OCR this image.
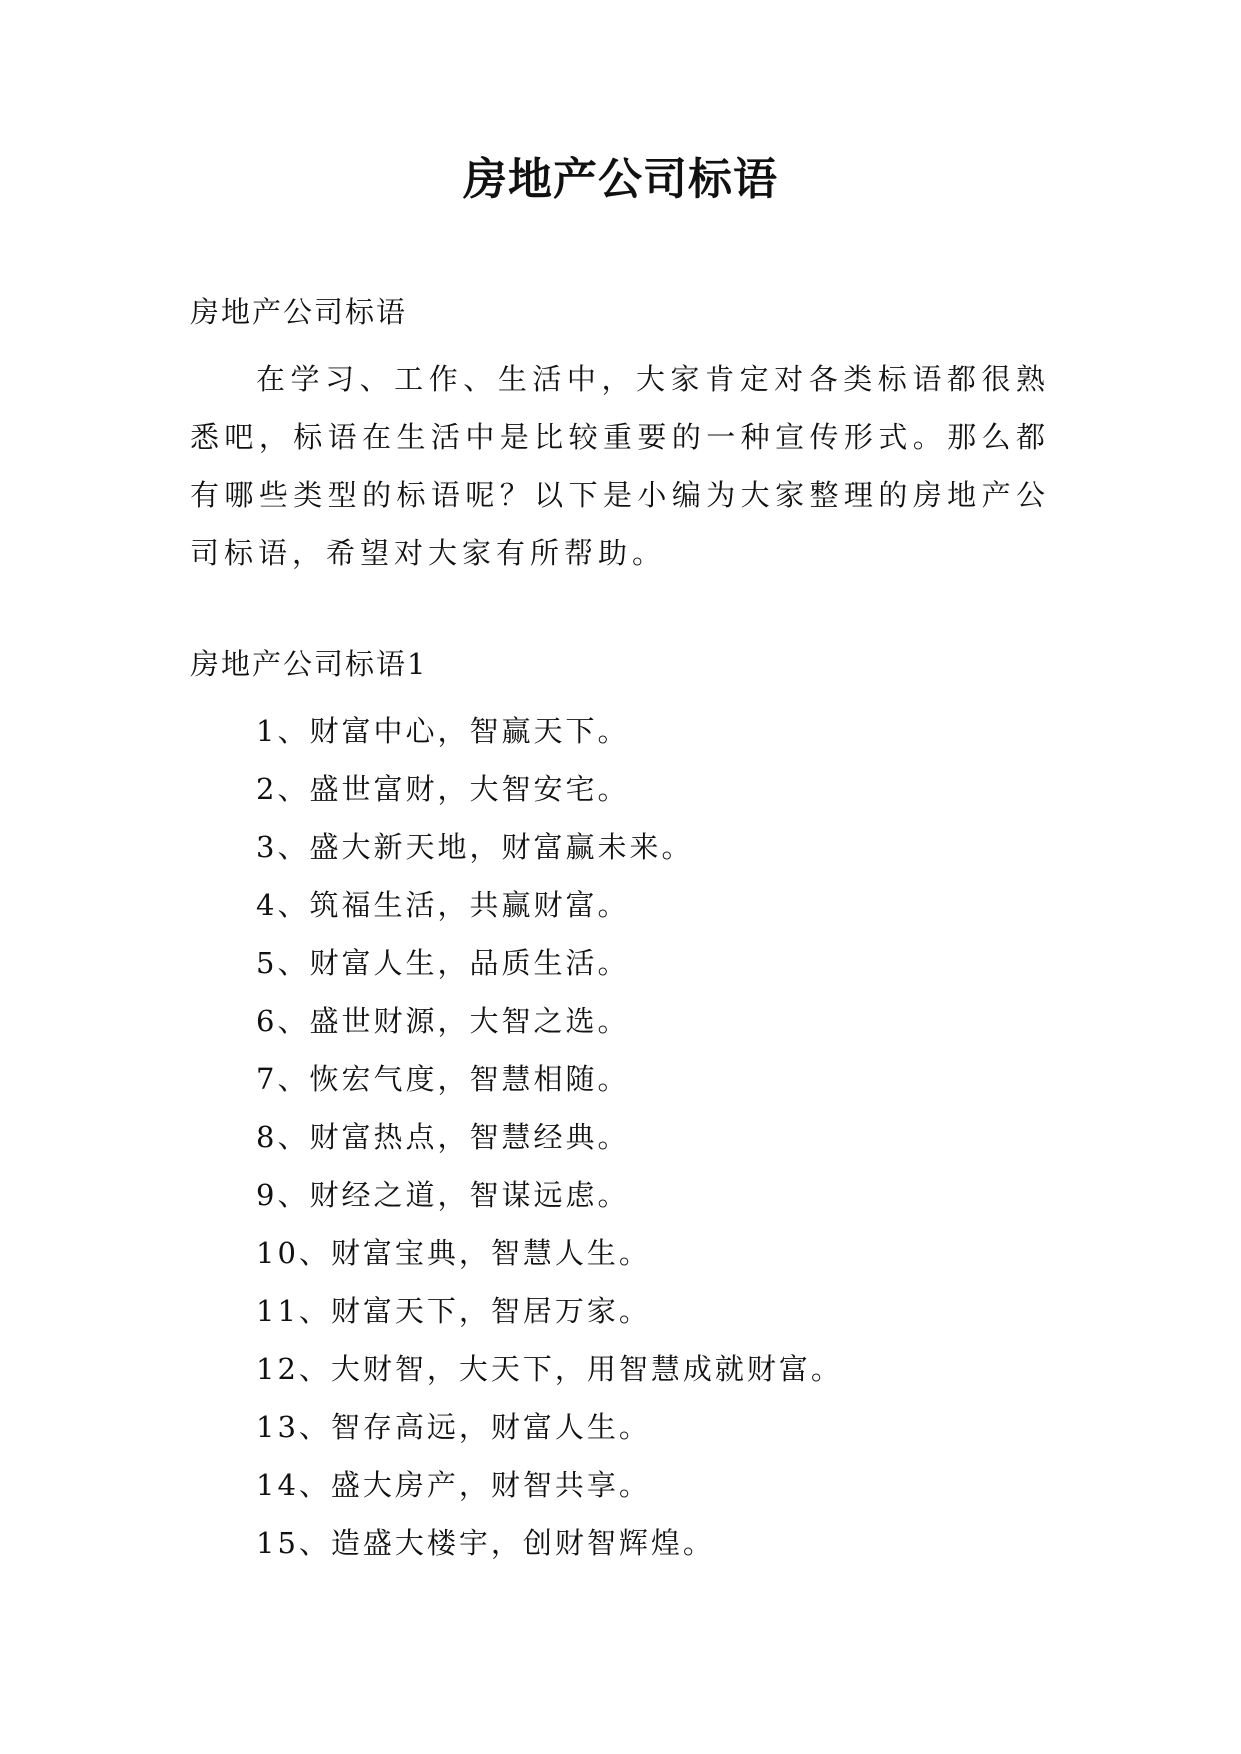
房地产公司标语
房地产公司标语

在学习、工作、生活中，大家肯定对各类标语都很熟悉吧，标语在生活中是比较重要的一种宣传形式。那么都有哪些类型的标语呢？以下是小编为大家整理的房地产公司标语，希望对大家有所帮助。

房地产公司标语1
1、财富中心，智赢天下。
2、盛世富财，大智安宅。
3、盛大新天地，财富赢未来。
4、筑福生活，共赢财富。
5、财富人生，品质生活。
6、盛世财源，大智之选。
7、恢宏气度，智慧相随。
8、财富热点，智慧经典。
9、财经之道，智谋远虑。
10、财富宝典，智慧人生。
11、财富天下，智居万家。
12、大财智，大天下，用智慧成就财富。
13、智存高远，财富人生。
14、盛大房产，财智共享。
15、造盛大楼宇，创财智辉煌。
